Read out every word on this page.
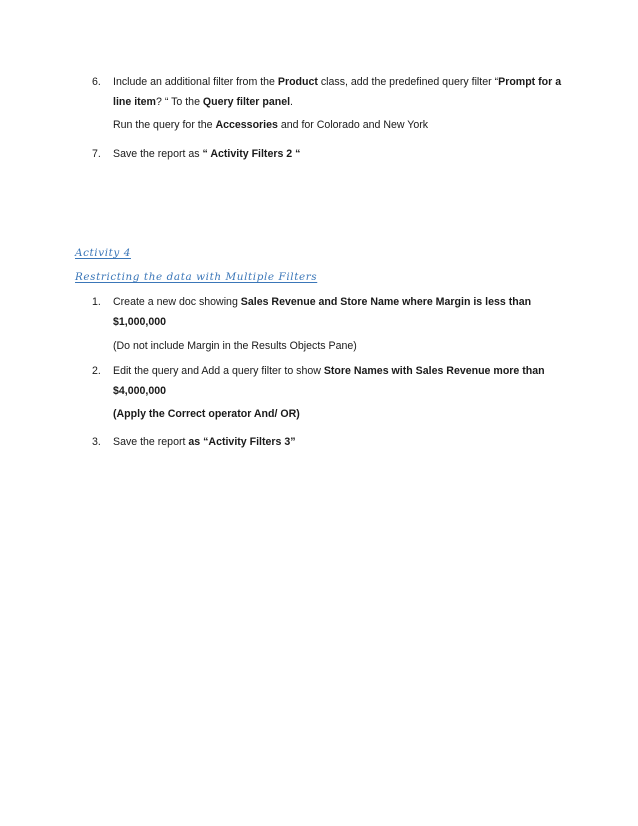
6. Include an additional filter from the Product class, add the predefined query filter “Prompt for a
line item? “ To the Query filter panel.
Run the query for the Accessories and for Colorado and New York
7. Save the report as “ Activity Filters 2 “
Activity 4
Restricting the data with Multiple Filters
1. Create a new doc showing Sales Revenue and Store Name where Margin is less than
$1,000,000
(Do not include Margin in the Results Objects Pane)
2. Edit the query and Add a query filter to show Store Names with Sales Revenue more than
$4,000,000
(Apply the Correct operator And/ OR)
3. Save the report as “Activity Filters 3”
